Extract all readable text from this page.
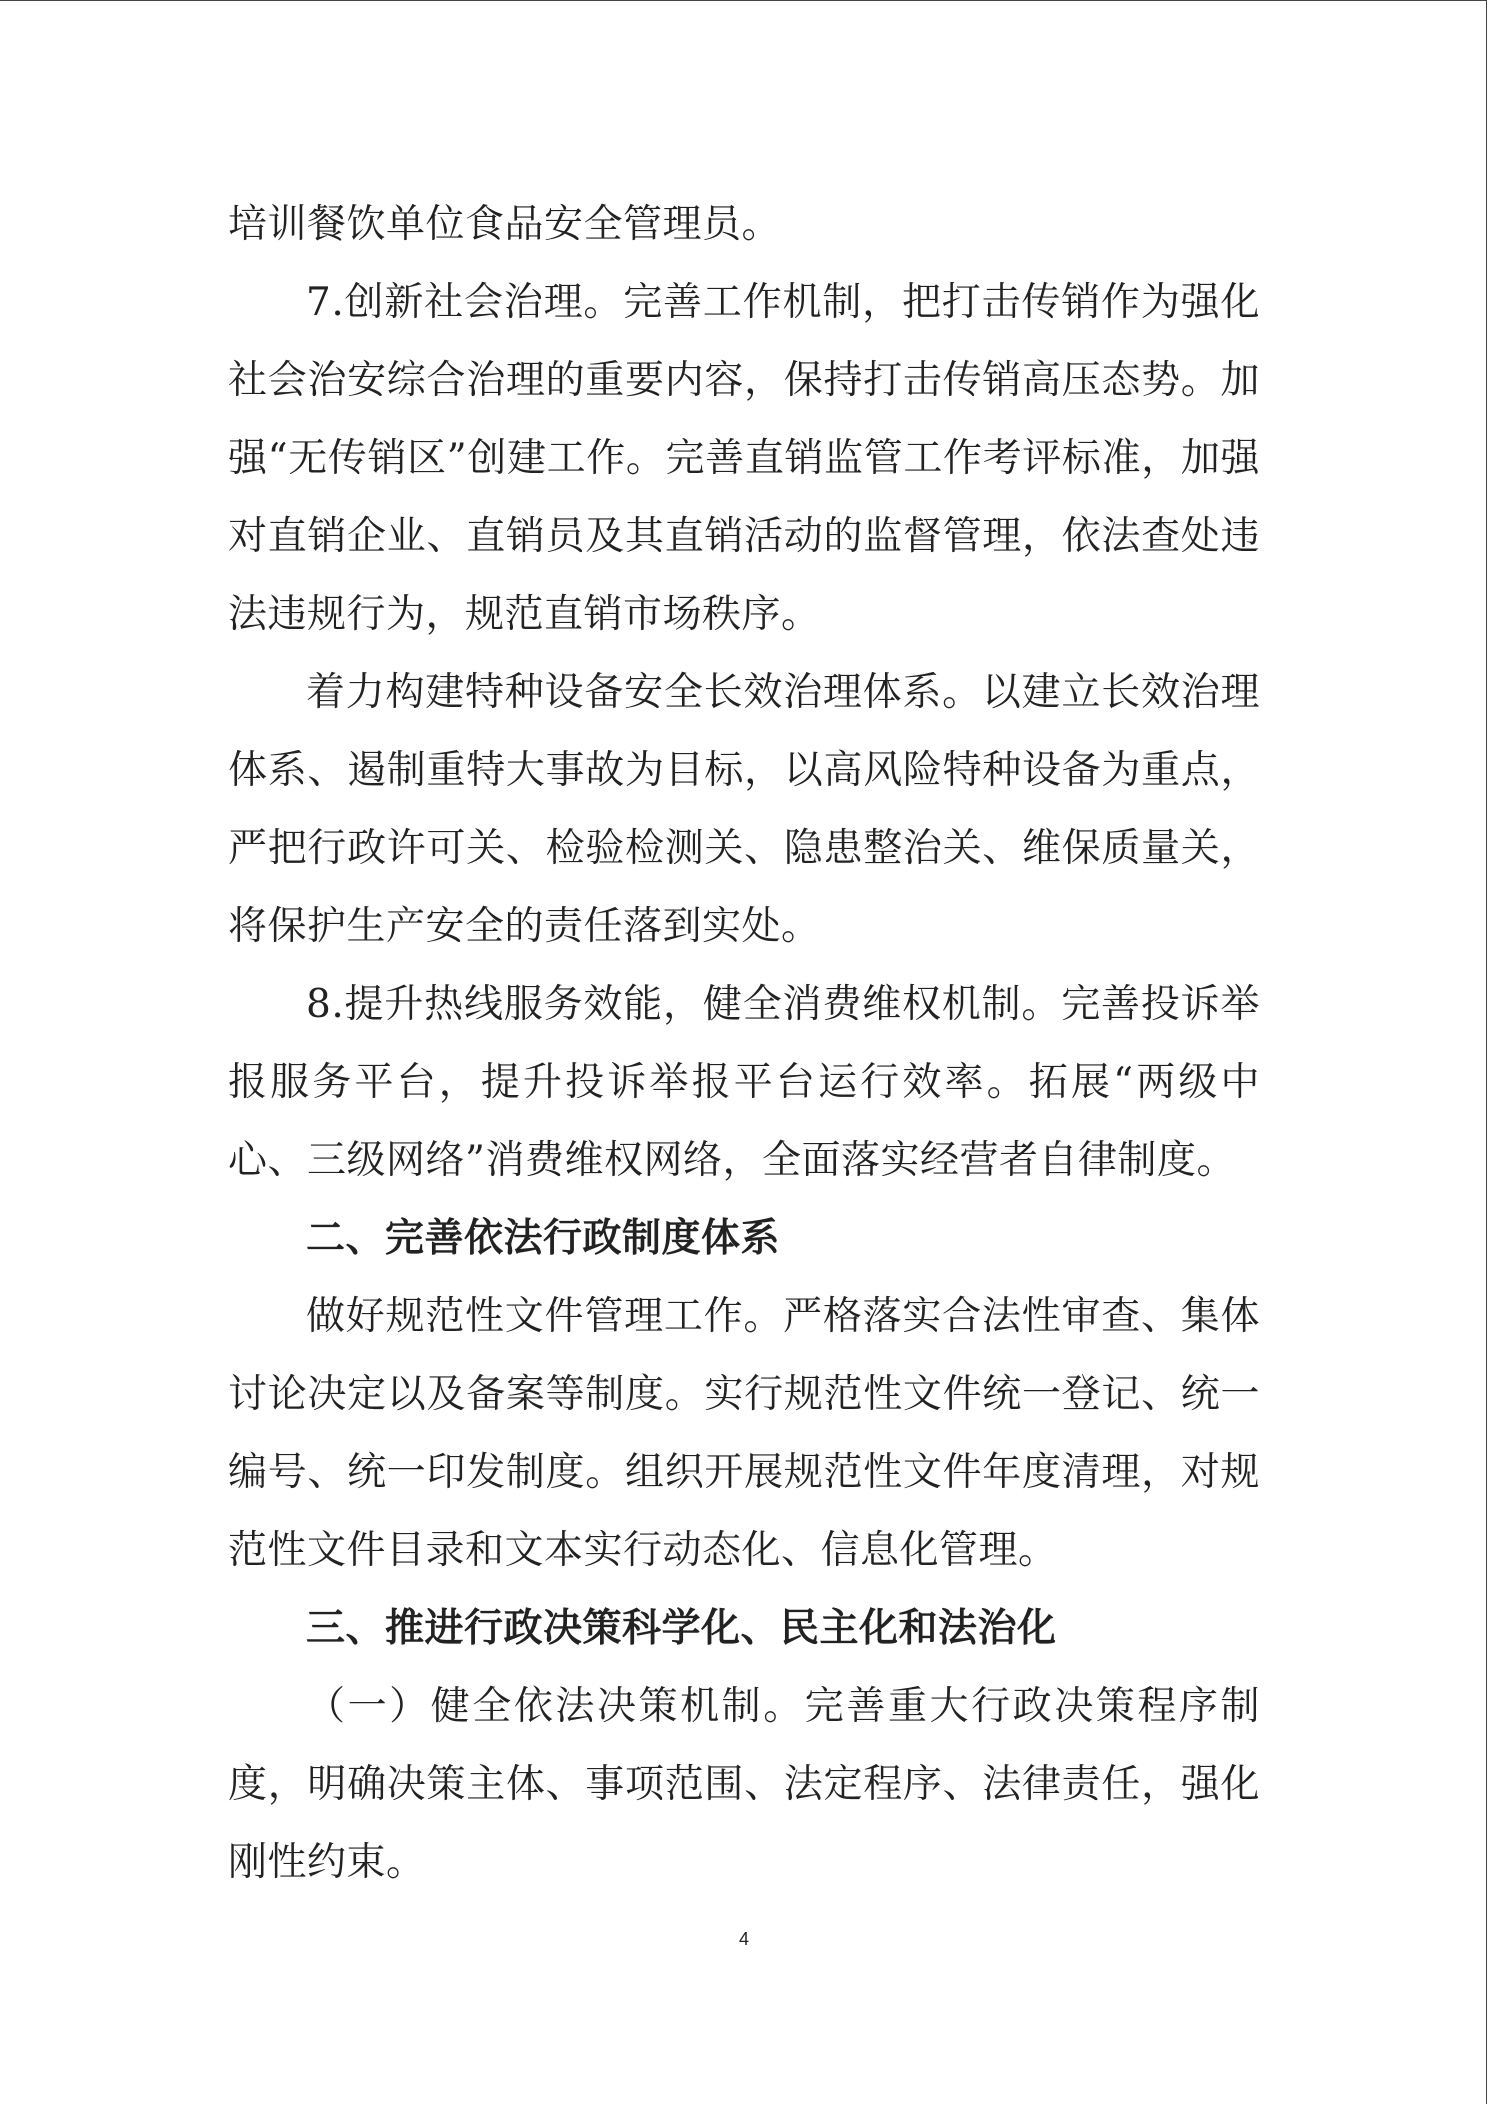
培训餐饮单位食品安全管理员。

7.创新社会治理。完善工作机制，把打击传销作为强化社会治安综合治理的重要内容，保持打击传销高压态势。加强“无传销区”创建工作。完善直销监管工作考评标准，加强对直销企业、直销员及其直销活动的监督管理，依法查处违法违规行为，规范直销市场秩序。

着力构建特种设备安全长效治理体系。以建立长效治理体系、遏制重特大事故为目标，以高风险特种设备为重点，严把行政许可关、检验检测关、隐患整治关、维保质量关，将保护生产安全的责任落到实处。

8.提升热线服务效能，健全消费维权机制。完善投诉举报服务平台，提升投诉举报平台运行效率。拓展“两级中心、三级网络”消费维权网络，全面落实经营者自律制度。

二、完善依法行政制度体系

做好规范性文件管理工作。严格落实合法性审查、集体讨论决定以及备案等制度。实行规范性文件统一登记、统一编号、统一印发制度。组织开展规范性文件年度清理，对规范性文件目录和文本实行动态化、信息化管理。

三、推进行政决策科学化、民主化和法治化

（一）健全依法决策机制。完善重大行政决策程序制度，明确决策主体、事项范围、法定程序、法律责任，强化刚性约束。

4
